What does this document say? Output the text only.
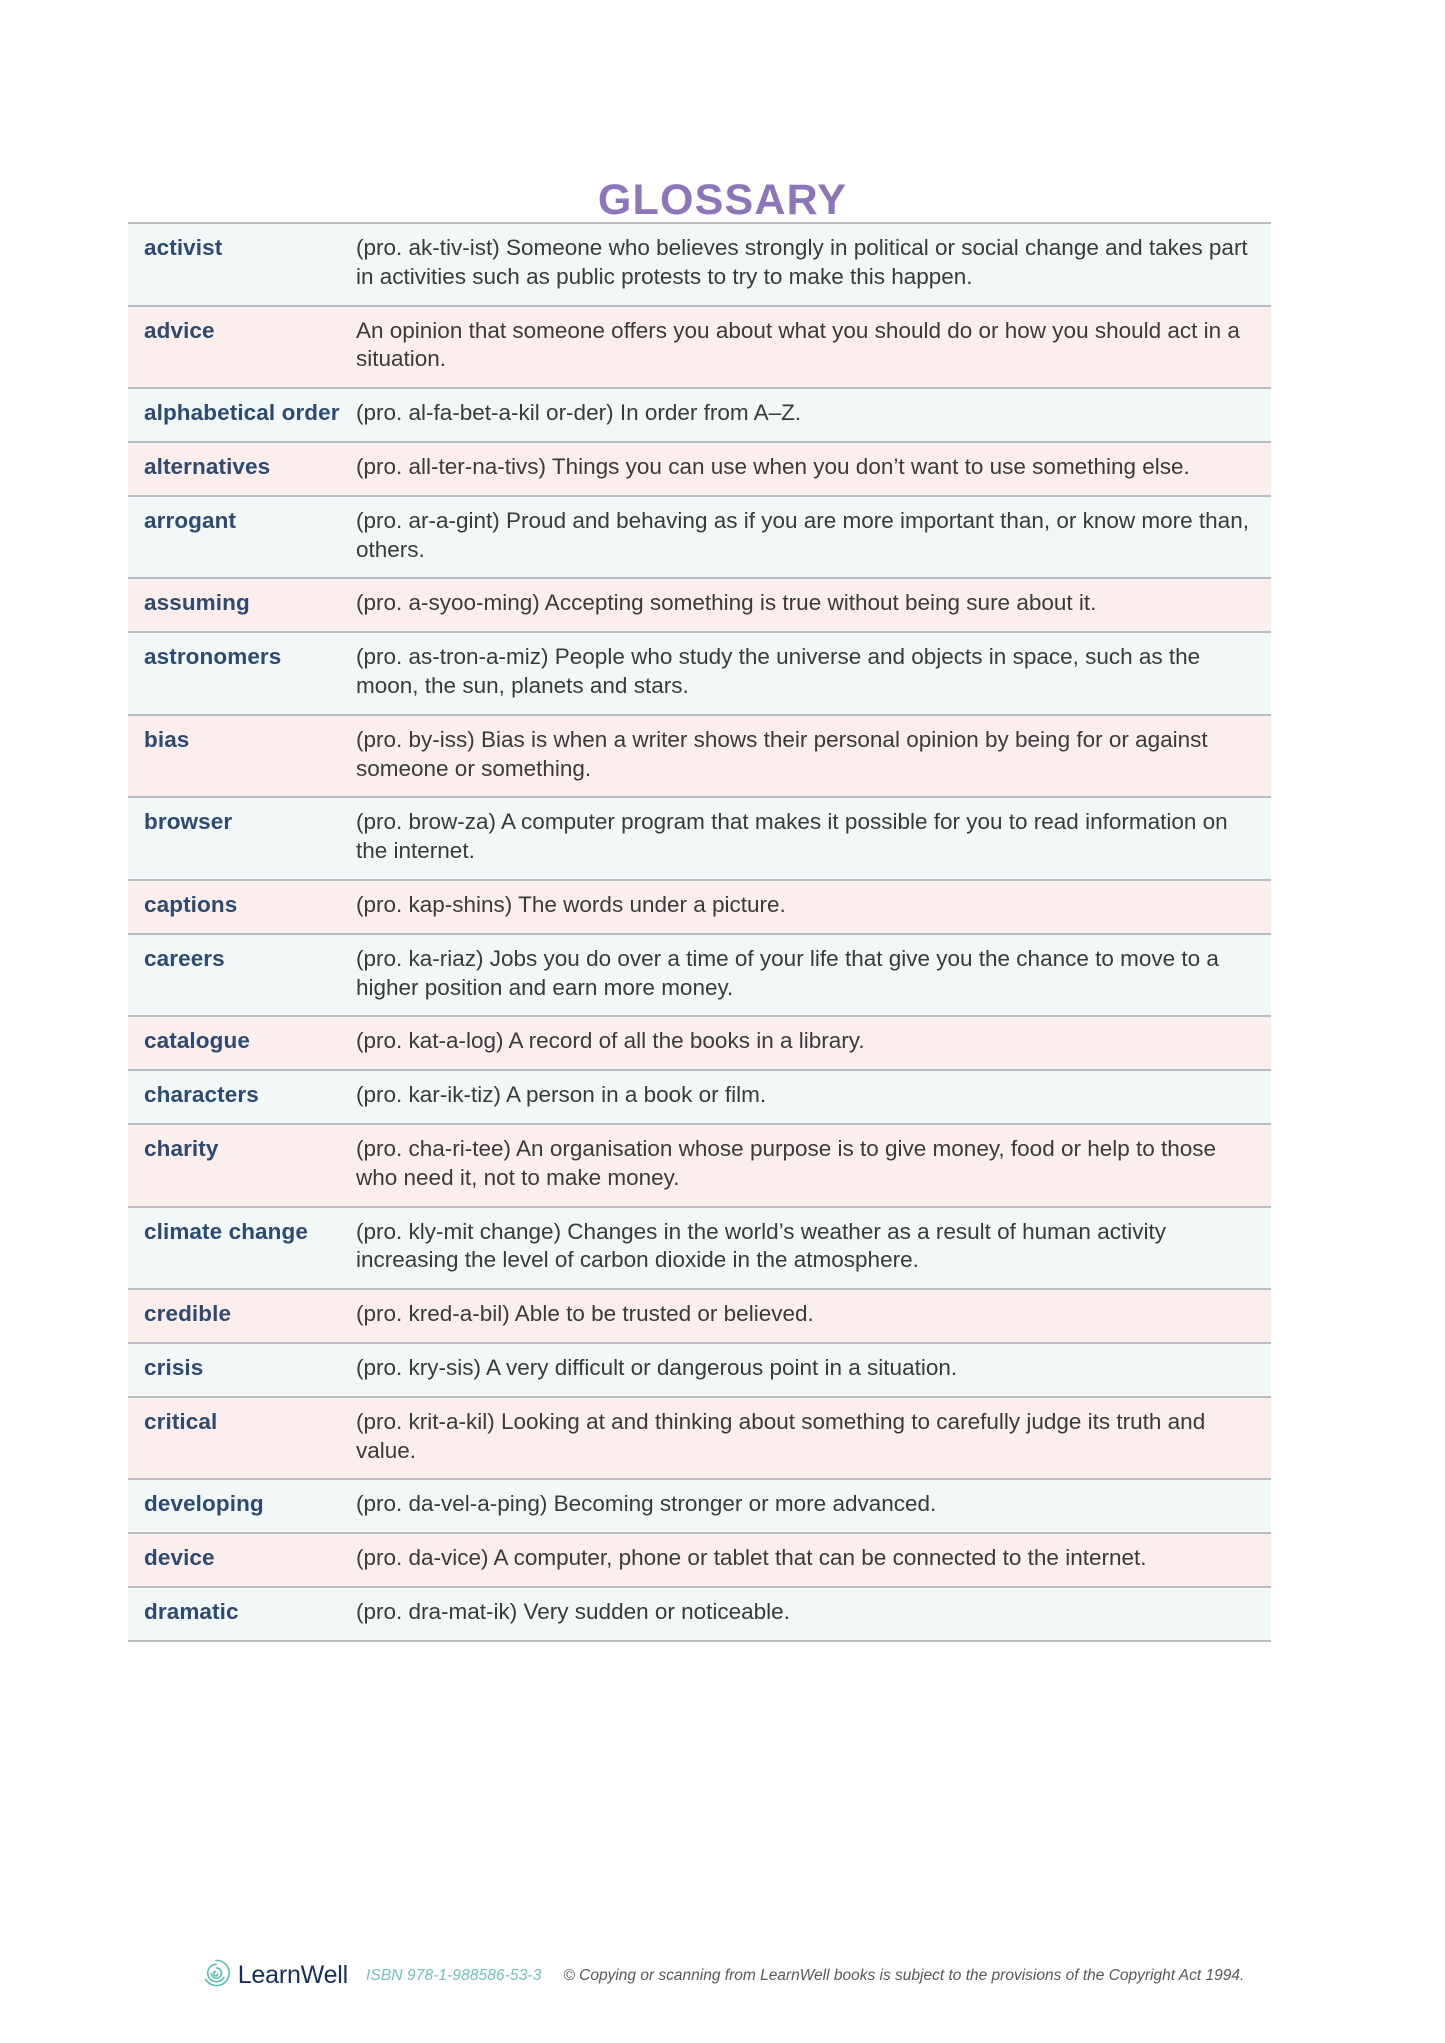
GLOSSARY
activist	(pro. ak-tiv-ist) Someone who believes strongly in political or social change and takes part in activities such as public protests to try to make this happen.
advice	An opinion that someone offers you about what you should do or how you should act in a situation.
alphabetical order	(pro. al-fa-bet-a-kil or-der) In order from A–Z.
alternatives	(pro. all-ter-na-tivs) Things you can use when you don’t want to use something else.
arrogant	(pro. ar-a-gint) Proud and behaving as if you are more important than, or know more than, others.
assuming	(pro. a-syoo-ming) Accepting something is true without being sure about it.
astronomers	(pro. as-tron-a-miz) People who study the universe and objects in space, such as the moon, the sun, planets and stars.
bias	(pro. by-iss) Bias is when a writer shows their personal opinion by being for or against someone or something.
browser	(pro. brow-za) A computer program that makes it possible for you to read information on the internet.
captions	(pro. kap-shins) The words under a picture.
careers	(pro. ka-riaz) Jobs you do over a time of your life that give you the chance to move to a higher position and earn more money.
catalogue	(pro. kat-a-log) A record of all the books in a library.
characters	(pro. kar-ik-tiz) A person in a book or film.
charity	(pro. cha-ri-tee) An organisation whose purpose is to give money, food or help to those who need it, not to make money.
climate change	(pro. kly-mit change) Changes in the world’s weather as a result of human activity increasing the level of carbon dioxide in the atmosphere.
credible	(pro. kred-a-bil) Able to be trusted or believed.
crisis	(pro. kry-sis) A very difficult or dangerous point in a situation.
critical	(pro. krit-a-kil) Looking at and thinking about something to carefully judge its truth and value.
developing	(pro. da-vel-a-ping) Becoming stronger or more advanced.
device	(pro. da-vice) A computer, phone or tablet that can be connected to the internet.
dramatic	(pro. dra-mat-ik) Very sudden or noticeable.
LearnWell ISBN 978-1-988586-53-3 © Copying or scanning from LearnWell books is subject to the provisions of the Copyright Act 1994.
